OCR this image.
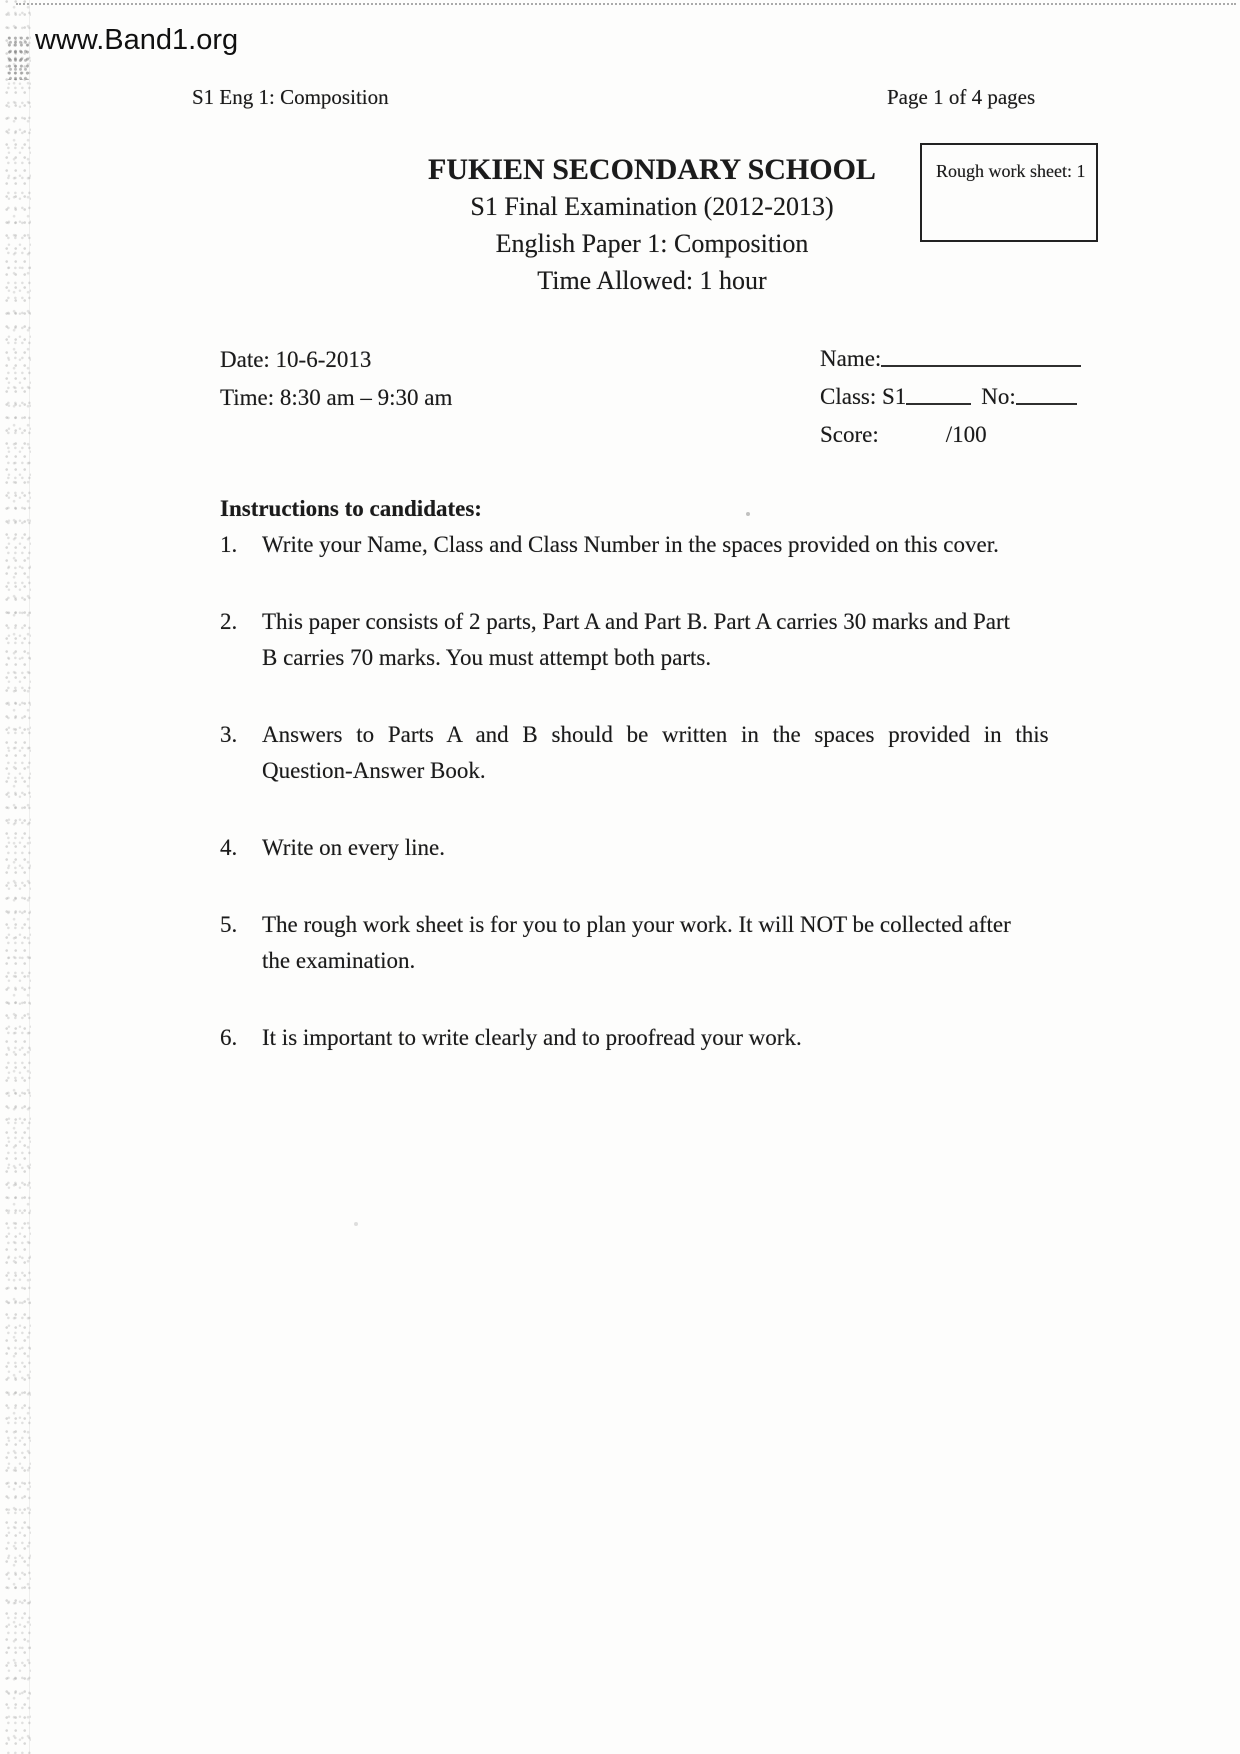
www.Band1.org
S1 Eng 1: Composition	Page 1 of 4 pages
FUKIEN SECONDARY SCHOOL
S1 Final Examination (2012-2013)
English Paper 1: Composition
Time Allowed: 1 hour
Rough work sheet: 1
Date: 10-6-2013
Time: 8:30 am – 9:30 am
Name:
Class: S1	No:
Score:	/100
Instructions to candidates:
1.	Write your Name, Class and Class Number in the spaces provided on this cover.
2.	This paper consists of 2 parts, Part A and Part B. Part A carries 30 marks and Part
B carries 70 marks. You must attempt both parts.
3.	Answers to Parts A and B should be written in the spaces provided in this
Question-Answer Book.
4.	Write on every line.
5.	The rough work sheet is for you to plan your work. It will NOT be collected after
the examination.
6.	It is important to write clearly and to proofread your work.
